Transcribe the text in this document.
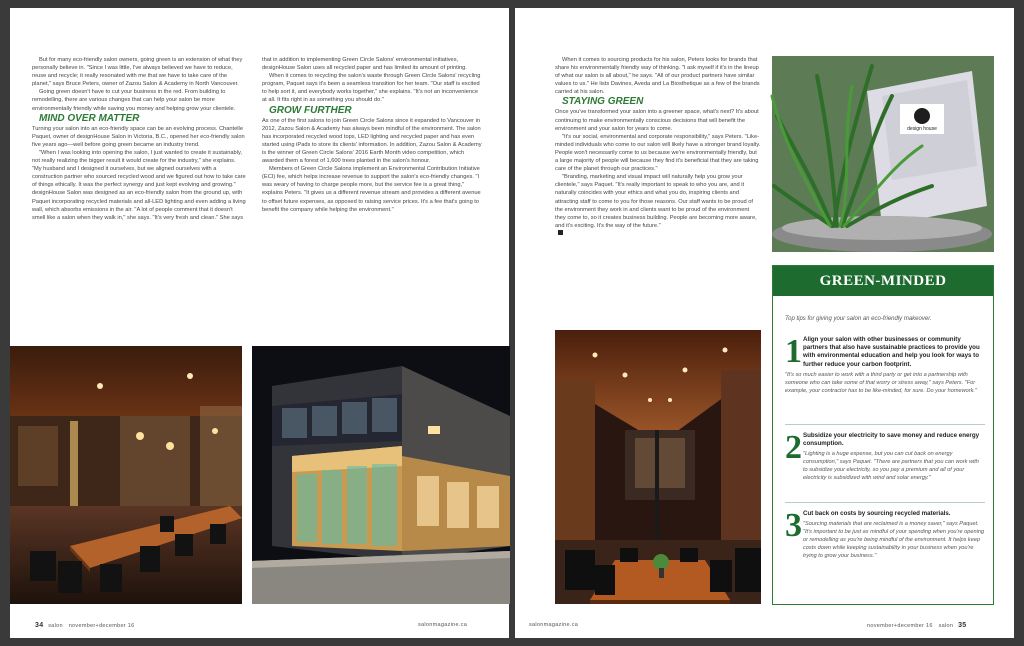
But for many eco-friendly salon owners, going green is an extension of what they personally believe in. "Since I was little, I've always believed we have to reduce, reuse and recycle; it really resonated with me that we have to take care of the planet," says Bruce Peters, owner of Zazou Salon & Academy in North Vancouver.

Going green doesn't have to cut your business in the red. From building to remodelling, there are various changes that can help your salon be more environmentally friendly while saving you money and helping grow your clientele.

MIND OVER MATTER

Turning your salon into an eco-friendly space can be an evolving process. Chantelle Paquet, owner of designHouse Salon in Victoria, B.C., opened her eco-friendly salon five years ago—well before going green became an industry trend.

"When I was looking into opening the salon, I just wanted to create it sustainably, not really realizing the bigger result it would create for the industry," she explains. "My husband and I designed it ourselves, but we aligned ourselves with a construction partner who sourced recycled wood and we figured out how to take care of things ethically. It was the perfect synergy and just kept evolving and growing." designHouse Salon was designed as an eco-friendly salon from the ground up, with Paquet incorporating recycled materials and all-LED lighting and even adding a living wall, which absorbs emissions in the air. "A lot of people comment that it doesn't smell like a salon when they walk in," she says. "It's very fresh and clean." She says

that in addition to implementing Green Circle Salons' environmental initiatives, designHouse Salon uses all recycled paper and has limited its amount of printing.

When it comes to recycling the salon's waste through Green Circle Salons' recycling program, Paquet says it's been a seamless transition for her team. "Our staff is excited to help sort it, and everybody works together," she explains. "It's not an inconvenience at all. It fits right in as something you should do."

GROW FURTHER

As one of the first salons to join Green Circle Salons since it expanded to Vancouver in 2012, Zazou Salon & Academy has always been mindful of the environment. The salon has incorporated recycled wood tops, LED lighting and recycled paper and has even started using iPads to store its clients' information. In addition, Zazou Salon & Academy is the winner of Green Circle Salons' 2016 Earth Month video competition, which awarded them a forest of 1,600 trees planted in the salon's honour.

Members of Green Circle Salons implement an Environmental Contribution Initiative (ECI) fee, which helps increase revenue to support the salon's eco-friendly changes. "I was weary of having to charge people more, but the service fee is a great thing," explains Peters. "It gives us a different revenue stream and provides a different avenue to offset future expenses, as opposed to raising service prices. It's a fee that's going to benefit the company while helping the environment."

34 salon november+december 16	salonmagazine.ca

When it comes to sourcing products for his salon, Peters looks for brands that share his environmentally friendly way of thinking. "I ask myself if it's in the lineup of what our salon is all about," he says. "All of our product partners have similar values to us." He lists Davines, Aveda and La Biosthetique as a few of the brands carried at his salon.

STAYING GREEN

Once you've transformed your salon into a greener space, what's next? It's about continuing to make environmentally conscious decisions that will benefit the environment and your salon for years to come.

"It's our social, environmental and corporate responsibility," says Peters. "Like-minded individuals who come to our salon will likely have a stronger brand loyalty. People won't necessarily come to us because we're environmentally friendly, but a large majority of people will because they find it's beneficial that they are taking care of the planet through our practices."

"Branding, marketing and visual impact will naturally help you grow your clientele," says Paquet. "It's really important to speak to who you are, and it naturally coincides with your ethics and what you do, inspiring clients and attracting staff to come to you for those reasons. Our staff wants to be proud of the environment they work in and clients want to be proud of the environment they come to, so it creates business building. People are becoming more aware, and it's exciting. It's the way of the future."

design house
GREEN-MINDED
Top tips for giving your salon an eco-friendly makeover.
1 Align your salon with other businesses or community partners that also have sustainable practices to provide you with environmental education and help you look for ways to further reduce your carbon footprint.

"It's so much easier to work with a third party or get into a partnership with someone who can take some of that worry or stress away," says Peters. "For example, your contractor has to be like-minded, for sure. Do your homework."

2 Subsidize your electricity to save money and reduce energy consumption.

"Lighting is a huge expense, but you can cut back on energy consumption," says Paquet. "There are partners that you can work with to subsidize your electricity, so you pay a premium and all of your electricity is subsidized with wind and solar energy."

3 Cut back on costs by sourcing recycled materials.

"Sourcing materials that are reclaimed is a money saver," says Paquet. "It's important to be just as mindful of your spending when you're opening or remodelling as you're being mindful of the environment. It helps keep costs down while keeping sustainability in your business when you're trying to grow your business."

salonmagazine.ca	november+december 16 salon 35
